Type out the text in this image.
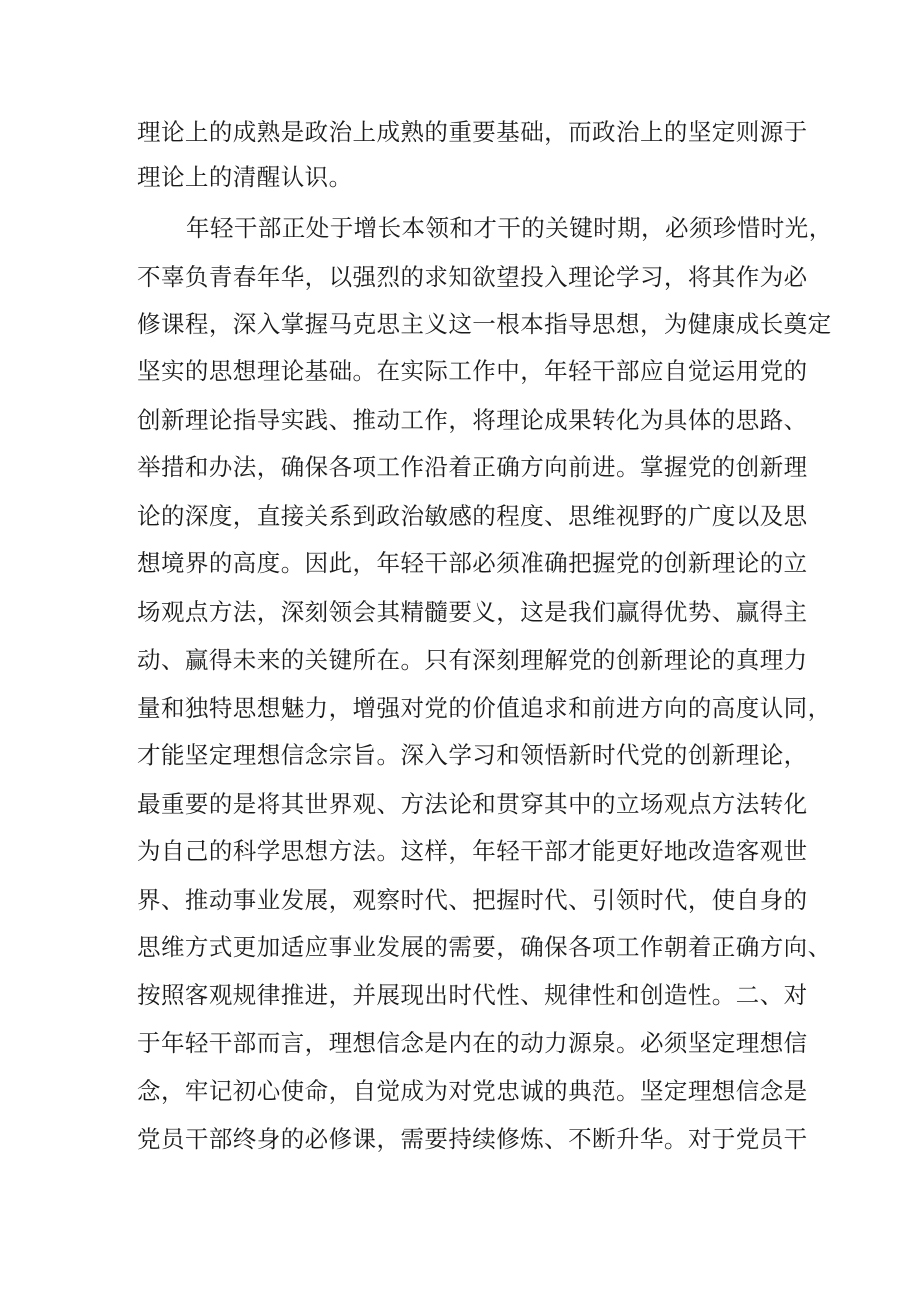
理论上的成熟是政治上成熟的重要基础，而政治上的坚定则源于
理论上的清醒认识。
年轻干部正处于增长本领和才干的关键时期，必须珍惜时光，
不辜负青春年华，以强烈的求知欲望投入理论学习，将其作为必
修课程，深入掌握马克思主义这一根本指导思想，为健康成长奠定
坚实的思想理论基础。在实际工作中，年轻干部应自觉运用党的
创新理论指导实践、推动工作，将理论成果转化为具体的思路、
举措和办法，确保各项工作沿着正确方向前进。掌握党的创新理
论的深度，直接关系到政治敏感的程度、思维视野的广度以及思
想境界的高度。因此，年轻干部必须准确把握党的创新理论的立
场观点方法，深刻领会其精髓要义，这是我们赢得优势、赢得主
动、赢得未来的关键所在。只有深刻理解党的创新理论的真理力
量和独特思想魅力，增强对党的价值追求和前进方向的高度认同，
才能坚定理想信念宗旨。深入学习和领悟新时代党的创新理论，
最重要的是将其世界观、方法论和贯穿其中的立场观点方法转化
为自己的科学思想方法。这样，年轻干部才能更好地改造客观世
界、推动事业发展，观察时代、把握时代、引领时代，使自身的
思维方式更加适应事业发展的需要，确保各项工作朝着正确方向、
按照客观规律推进，并展现出时代性、规律性和创造性。二、对
于年轻干部而言，理想信念是内在的动力源泉。必须坚定理想信
念，牢记初心使命，自觉成为对党忠诚的典范。坚定理想信念是
党员干部终身的必修课，需要持续修炼、不断升华。对于党员干
